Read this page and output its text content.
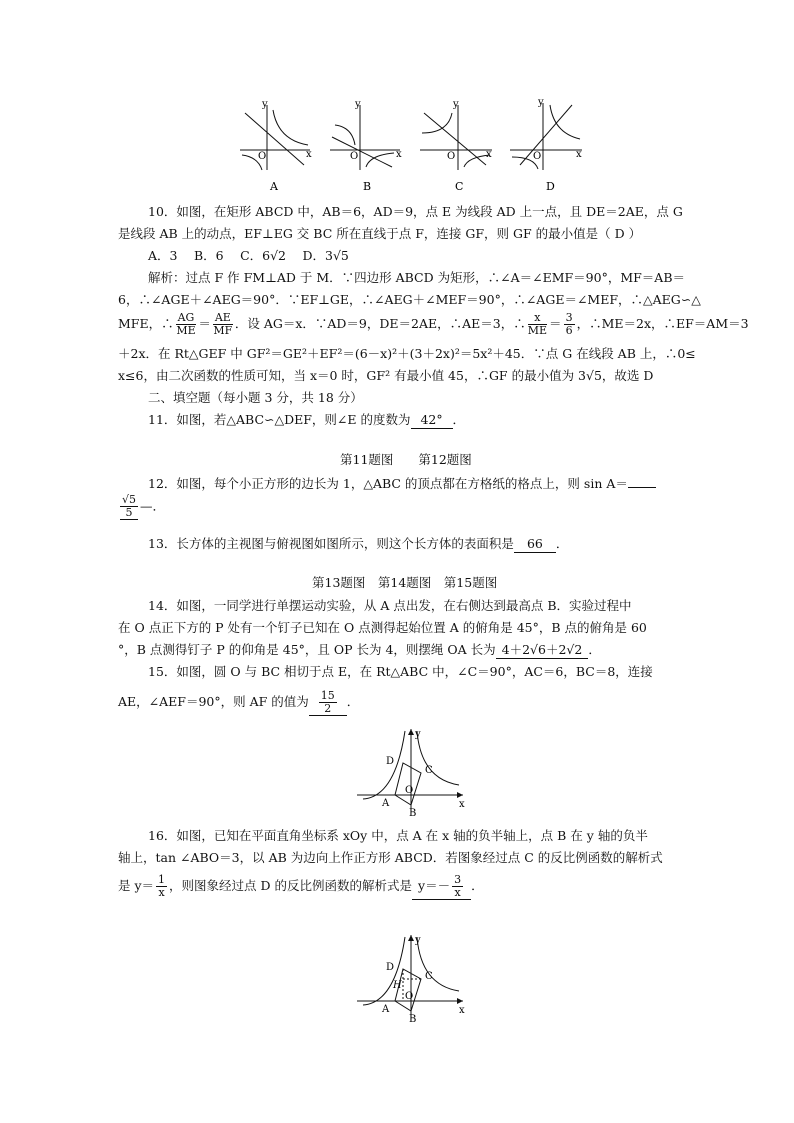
y
x
O
A
y
x
O
B
y
x
O
C
y
x
O
D
10．如图，在矩形 ABCD 中，AB＝6，AD＝9，点 E 为线段 AD 上一点，且 DE＝2AE，点 G
是线段 AB 上的动点，EF⊥EG 交 BC 所在直线于点 F，连接 GF，则 GF 的最小值是（ D ）
A．3　 B．6　 C．6√2　 D．3√5
解析：过点 F 作 FM⊥AD 于 M．∵四边形 ABCD 为矩形，∴∠A＝∠EMF＝90°，MF＝AB＝
6，∴∠AGE＋∠AEG＝90°．∵EF⊥GE，∴∠AEG＋∠MEF＝90°，∴∠AGE＝∠MEF，∴△AEG∽△
MFE，∴ $\frac{AG}{ME} = \frac{AE}{MF}$ ．设 AG＝x．∵AD＝9，DE＝2AE，∴AE＝3，∴ $\frac{x}{ME} = \frac{3}{6}$ ，∴ME＝2x，∴EF＝AM＝3
＋2x．在 Rt△GEF 中 GF²＝GE²＋EF²＝(6－x)²＋(3＋2x)²＝5x²＋45．∵点 G 在线段 AB 上，∴0≤
x≤6，由二次函数的性质可知，当 x＝0 时，GF² 有最小值 45，∴GF 的最小值为 3√5，故选 D
二、填空题（每小题 3 分，共 18 分）
11．如图，若△ABC∽△DEF，则∠E 的度数为 42° ．
第11题图　　第12题图
12．如图，每个小正方形的边长为 1，△ABC 的顶点都在方格纸的格点上，则 sin A＝
$\frac{√5}{5}$ —．
13．长方体的主视图与俯视图如图所示，则这个长方体的表面积是 66 ．
第13题图　第14题图　第15题图
14．如图，一同学进行单摆运动实验，从 A 点出发，在右侧达到最高点 B．实验过程中
在 O 点正下方的 P 处有一个钉子已知在 O 点测得起始位置 A 的俯角是 45°，B 点的俯角是 60
°，B 点测得钉子 P 的仰角是 45°，且 OP 长为 4，则摆绳 OA 长为 4＋2√6＋2√2 ．
15．如图，圆 O 与 BC 相切于点 E，在 Rt△ABC 中，∠C＝90°，AC＝6，BC＝8，连接
AE，∠AEF＝90°，则 AF 的值为 $\frac{15}{2}$ ．
D
C
A
B
O
x
y
16．如图，已知在平面直角坐标系 xOy 中，点 A 在 x 轴的负半轴上，点 B 在 y 轴的负半
轴上，tan ∠ABO＝3，以 AB 为边向上作正方形 ABCD．若图象经过点 C 的反比例函数的解析式
是 $y= \frac{1}{x}$ ，则图象经过点 D 的反比例函数的解析式是 $y=- \frac{3}{x}$ ．
D
C
H
A
B
O
x
y
